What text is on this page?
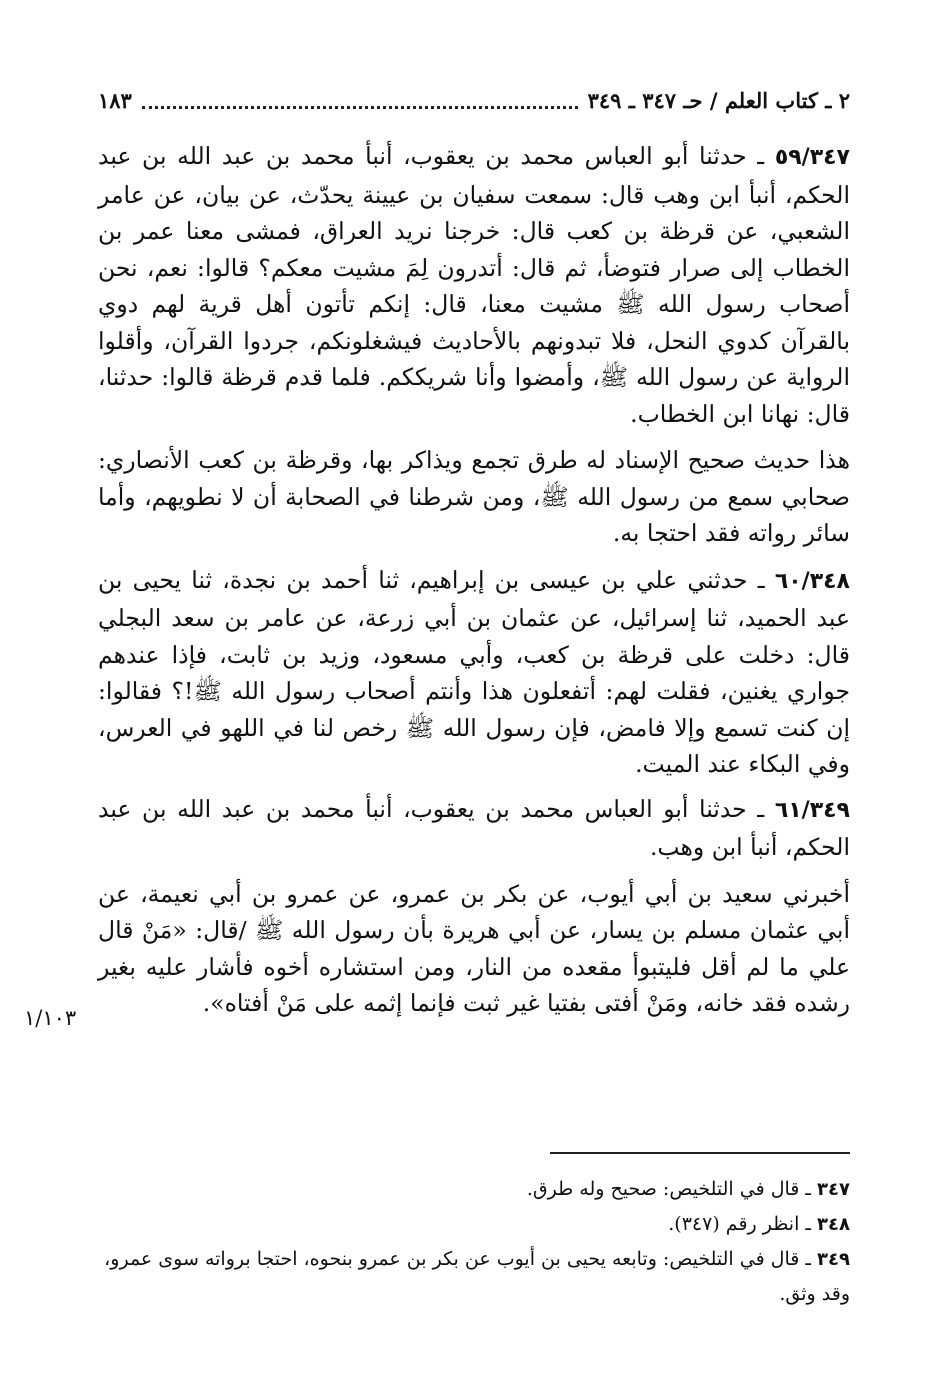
٢ ـ كتاب العلم / حـ ٣٤٧ ـ ٣٤٩
١٨٣

٥٩/٣٤٧ ـ حدثنا أبو العباس محمد بن يعقوب، أنبأ محمد بن عبد الله بن عبد الحكم، أنبأ ابن وهب قال: سمعت سفيان بن عيينة يحدّث، عن بيان، عن عامر الشعبي، عن قرظة بن كعب قال: خرجنا نريد العراق، فمشى معنا عمر بن الخطاب إلى صرار فتوضأ، ثم قال: أتدرون لِمَ مشيت معكم؟ قالوا: نعم، نحن أصحاب رسول الله ﷺ مشيت معنا، قال: إنكم تأتون أهل قرية لهم دوي بالقرآن كدوي النحل، فلا تبدونهم بالأحاديث فيشغلونكم، جردوا القرآن، وأقلوا الرواية عن رسول الله ﷺ، وأمضوا وأنا شريككم. فلما قدم قرظة قالوا: حدثنا، قال: نهانا ابن الخطاب.

هذا حديث صحيح الإسناد له طرق تجمع ويذاكر بها، وقرظة بن كعب الأنصاري: صحابي سمع من رسول الله ﷺ، ومن شرطنا في الصحابة أن لا نطويهم، وأما سائر رواته فقد احتجا به.

٦٠/٣٤٨ ـ حدثني علي بن عيسى بن إبراهيم، ثنا أحمد بن نجدة، ثنا يحيى بن عبد الحميد، ثنا إسرائيل، عن عثمان بن أبي زرعة، عن عامر بن سعد البجلي قال: دخلت على قرظة بن كعب، وأبي مسعود، وزيد بن ثابت، فإذا عندهم جواري يغنين، فقلت لهم: أتفعلون هذا وأنتم أصحاب رسول الله ﷺ!؟ فقالوا: إن كنت تسمع وإلا فامض، فإن رسول الله ﷺ رخص لنا في اللهو في العرس، وفي البكاء عند الميت.

٦١/٣٤٩ ـ حدثنا أبو العباس محمد بن يعقوب، أنبأ محمد بن عبد الله بن عبد الحكم، أنبأ ابن وهب.

أخبرني سعيد بن أبي أيوب، عن بكر بن عمرو، عن عمرو بن أبي نعيمة، عن أبي عثمان مسلم بن يسار، عن أبي هريرة بأن رسول الله ﷺ /قال: «مَنْ قال علي ما لم أقل فليتبوأ مقعده من النار، ومن استشاره أخوه فأشار عليه بغير رشده فقد خانه، ومَنْ أفتى بفتيا غير ثبت فإنما إثمه على مَنْ أفتاه».

١/١٠٣

٣٤٧ ـ قال في التلخيص: صحيح وله طرق.

٣٤٨ ـ انظر رقم (٣٤٧).

٣٤٩ ـ قال في التلخيص: وتابعه يحيى بن أيوب عن بكر بن عمرو بنحوه، احتجا برواته سوى عمرو، وقد وثق.
